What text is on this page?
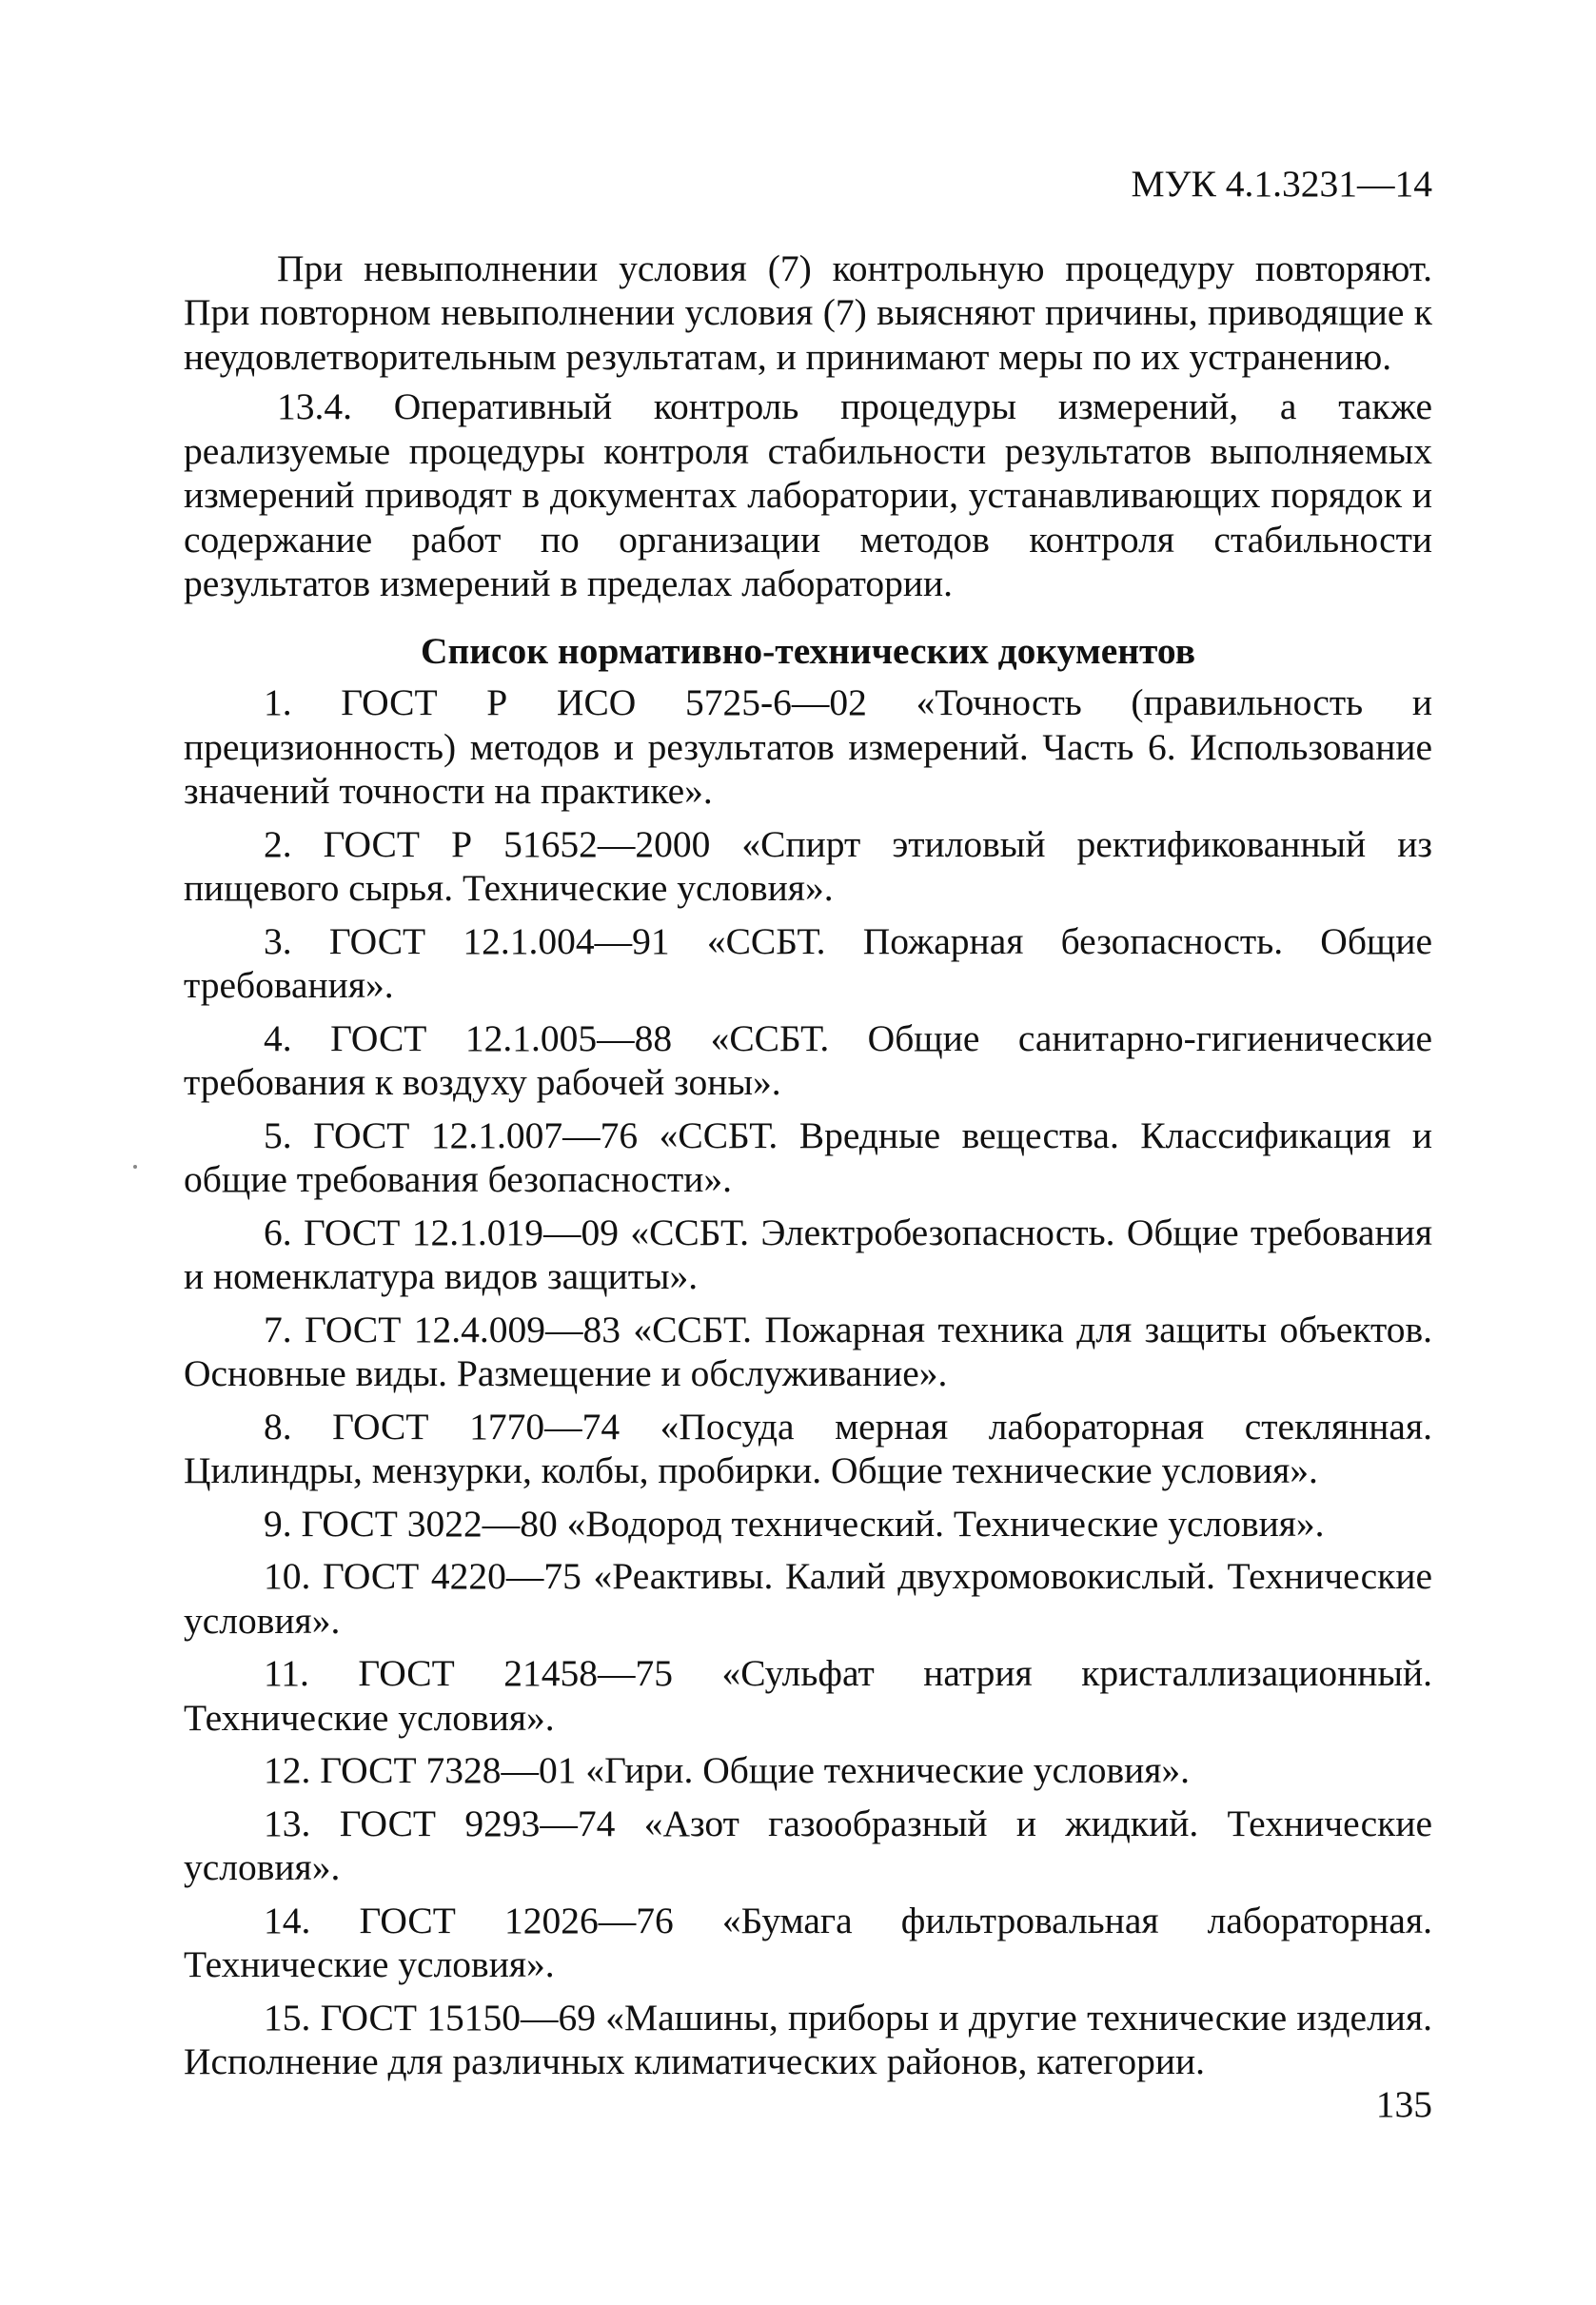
МУК 4.1.3231—14

При невыполнении условия (7) контрольную процедуру повторяют. При повторном невыполнении условия (7) выясняют причины, приводящие к неудовлетворительным результатам, и принимают меры по их устранению.

13.4. Оперативный контроль процедуры измерений, а также реализуемые процедуры контроля стабильности результатов выполняемых измерений приводят в документах лаборатории, устанавливающих порядок и содержание работ по организации методов контроля стабильности результатов измерений в пределах лаборатории.

Список нормативно-технических документов
1. ГОСТ Р ИСО 5725-6—02 «Точность (правильность и прецизионность) методов и результатов измерений. Часть 6. Использование значений точности на практике».
2. ГОСТ Р 51652—2000 «Спирт этиловый ректификованный из пищевого сырья. Технические условия».
3. ГОСТ 12.1.004—91 «ССБТ. Пожарная безопасность. Общие требования».
4. ГОСТ 12.1.005—88 «ССБТ. Общие санитарно-гигиенические требования к воздуху рабочей зоны».
5. ГОСТ 12.1.007—76 «ССБТ. Вредные вещества. Классификация и общие требования безопасности».
6. ГОСТ 12.1.019—09 «ССБТ. Электробезопасность. Общие требования и номенклатура видов защиты».
7. ГОСТ 12.4.009—83 «ССБТ. Пожарная техника для защиты объектов. Основные виды. Размещение и обслуживание».
8. ГОСТ 1770—74 «Посуда мерная лабораторная стеклянная. Цилиндры, мензурки, колбы, пробирки. Общие технические условия».
9. ГОСТ 3022—80 «Водород технический. Технические условия».
10. ГОСТ 4220—75 «Реактивы. Калий двухромовокислый. Технические условия».
11. ГОСТ 21458—75 «Сульфат натрия кристаллизационный. Технические условия».
12. ГОСТ 7328—01 «Гири. Общие технические условия».
13. ГОСТ 9293—74 «Азот газообразный и жидкий. Технические условия».
14. ГОСТ 12026—76 «Бумага фильтровальная лабораторная. Технические условия».
15. ГОСТ 15150—69 «Машины, приборы и другие технические изделия. Исполнение для различных климатических районов, категории.
135
